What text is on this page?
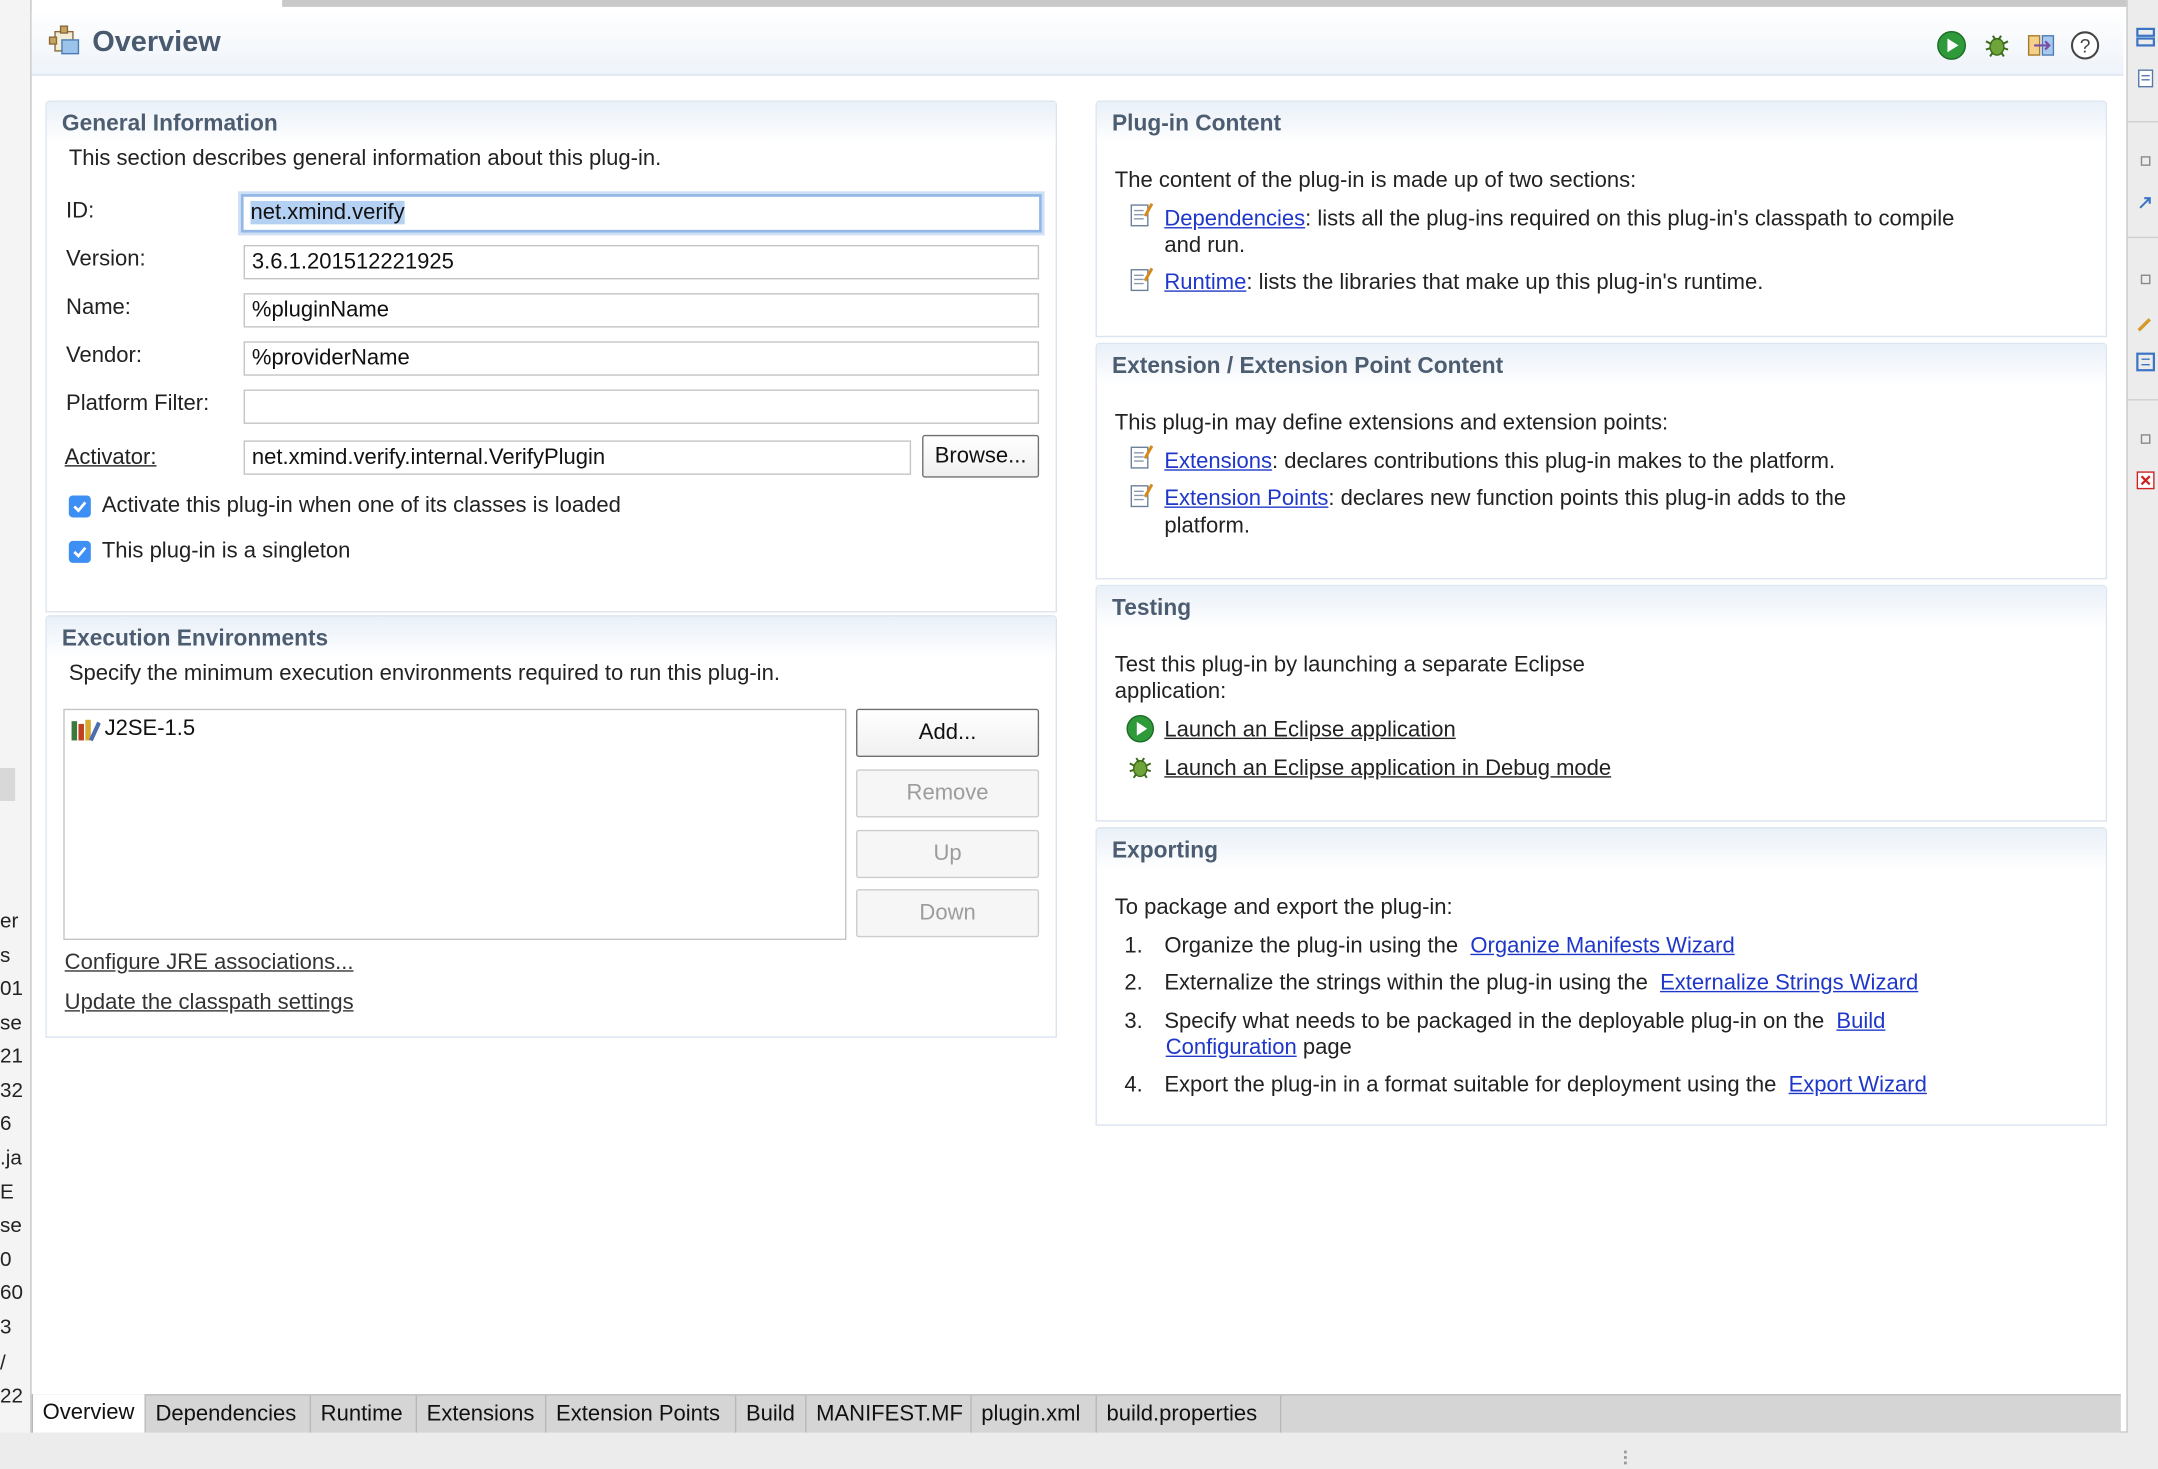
er
s
01
se
21
32
6
.ja
E
se
0
60
3
/
22
Overview	?
General Information
This section describes general information about this plug-in.
ID:	net.xmind.verify
Version:	3.6.1.201512221925
Name:	%pluginName
Vendor:	%providerName
Platform Filter:
Activator:	net.xmind.verify.internal.VerifyPlugin	Browse...
Activate this plug-in when one of its classes is loaded
This plug-in is a singleton
Execution Environments
Specify the minimum execution environments required to run this plug-in.
J2SE-1.5	Add...
Remove
Up
Down
Configure JRE associations...
Update the classpath settings
Plug-in Content
The content of the plug-in is made up of two sections:
Dependencies: lists all the plug-ins required on this plug-in's classpath to compile
and run.
Runtime: lists the libraries that make up this plug-in's runtime.
Extension / Extension Point Content
This plug-in may define extensions and extension points:
Extensions: declares contributions this plug-in makes to the platform.
Extension Points: declares new function points this plug-in adds to the
platform.
Testing
Test this plug-in by launching a separate Eclipse
application:
Launch an Eclipse application
Launch an Eclipse application in Debug mode
Exporting
To package and export the plug-in:
1. Organize the plug-in using the Organize Manifests Wizard
2. Externalize the strings within the plug-in using the Externalize Strings Wizard
3. Specify what needs to be packaged in the deployable plug-in on the Build
Configuration page
4. Export the plug-in in a format suitable for deployment using the Export Wizard
Overview	Dependencies	Runtime	Extensions	Extension Points	Build	MANIFEST.MF	plugin.xml	build.properties
